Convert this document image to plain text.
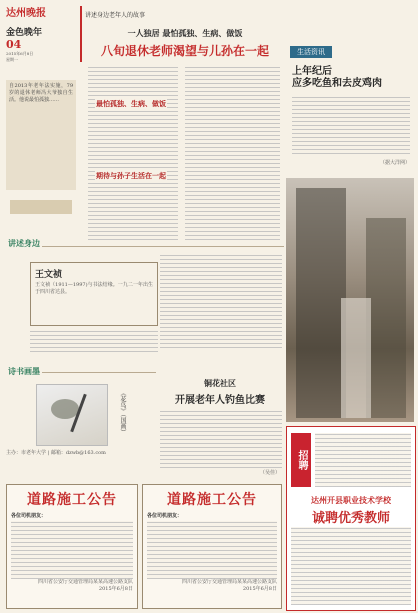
达州晚报
金色晚年
04
2015年6月8日
星期一
讲述身边老年人的故事
一人独居 最怕孤独、生病、做饭
八旬退休老师渴望与儿孙在一起
最怕孤独、生病、做饭
期待与孙子生活在一起
自2013年老年法实施，79岁的退休老师冯大爷独自生活。他说最怕孤独……
生活资讯
上年纪后
应多吃鱼和去皮鸡肉
（据大洋网）
讲述身边
王文祯
王文祯（1911—1997)与书法结缘。一九二一年出生于四川省达县。
诗书画墨
《花鸟》（国画）
主办：市老年大学 | 邮箱：dzwb@163.com
铜花社区
开展老年人钓鱼比赛
（吴佳）
道路施工公告
各位司机朋友：
四川省公安厅交通管理局某某高速公路支队
2015年6月8日
道路施工公告
各位司机朋友：
四川省公安厅交通管理局某某高速公路支队
2015年6月8日
招聘
达州开县职业技术学校
诚聘优秀教师
